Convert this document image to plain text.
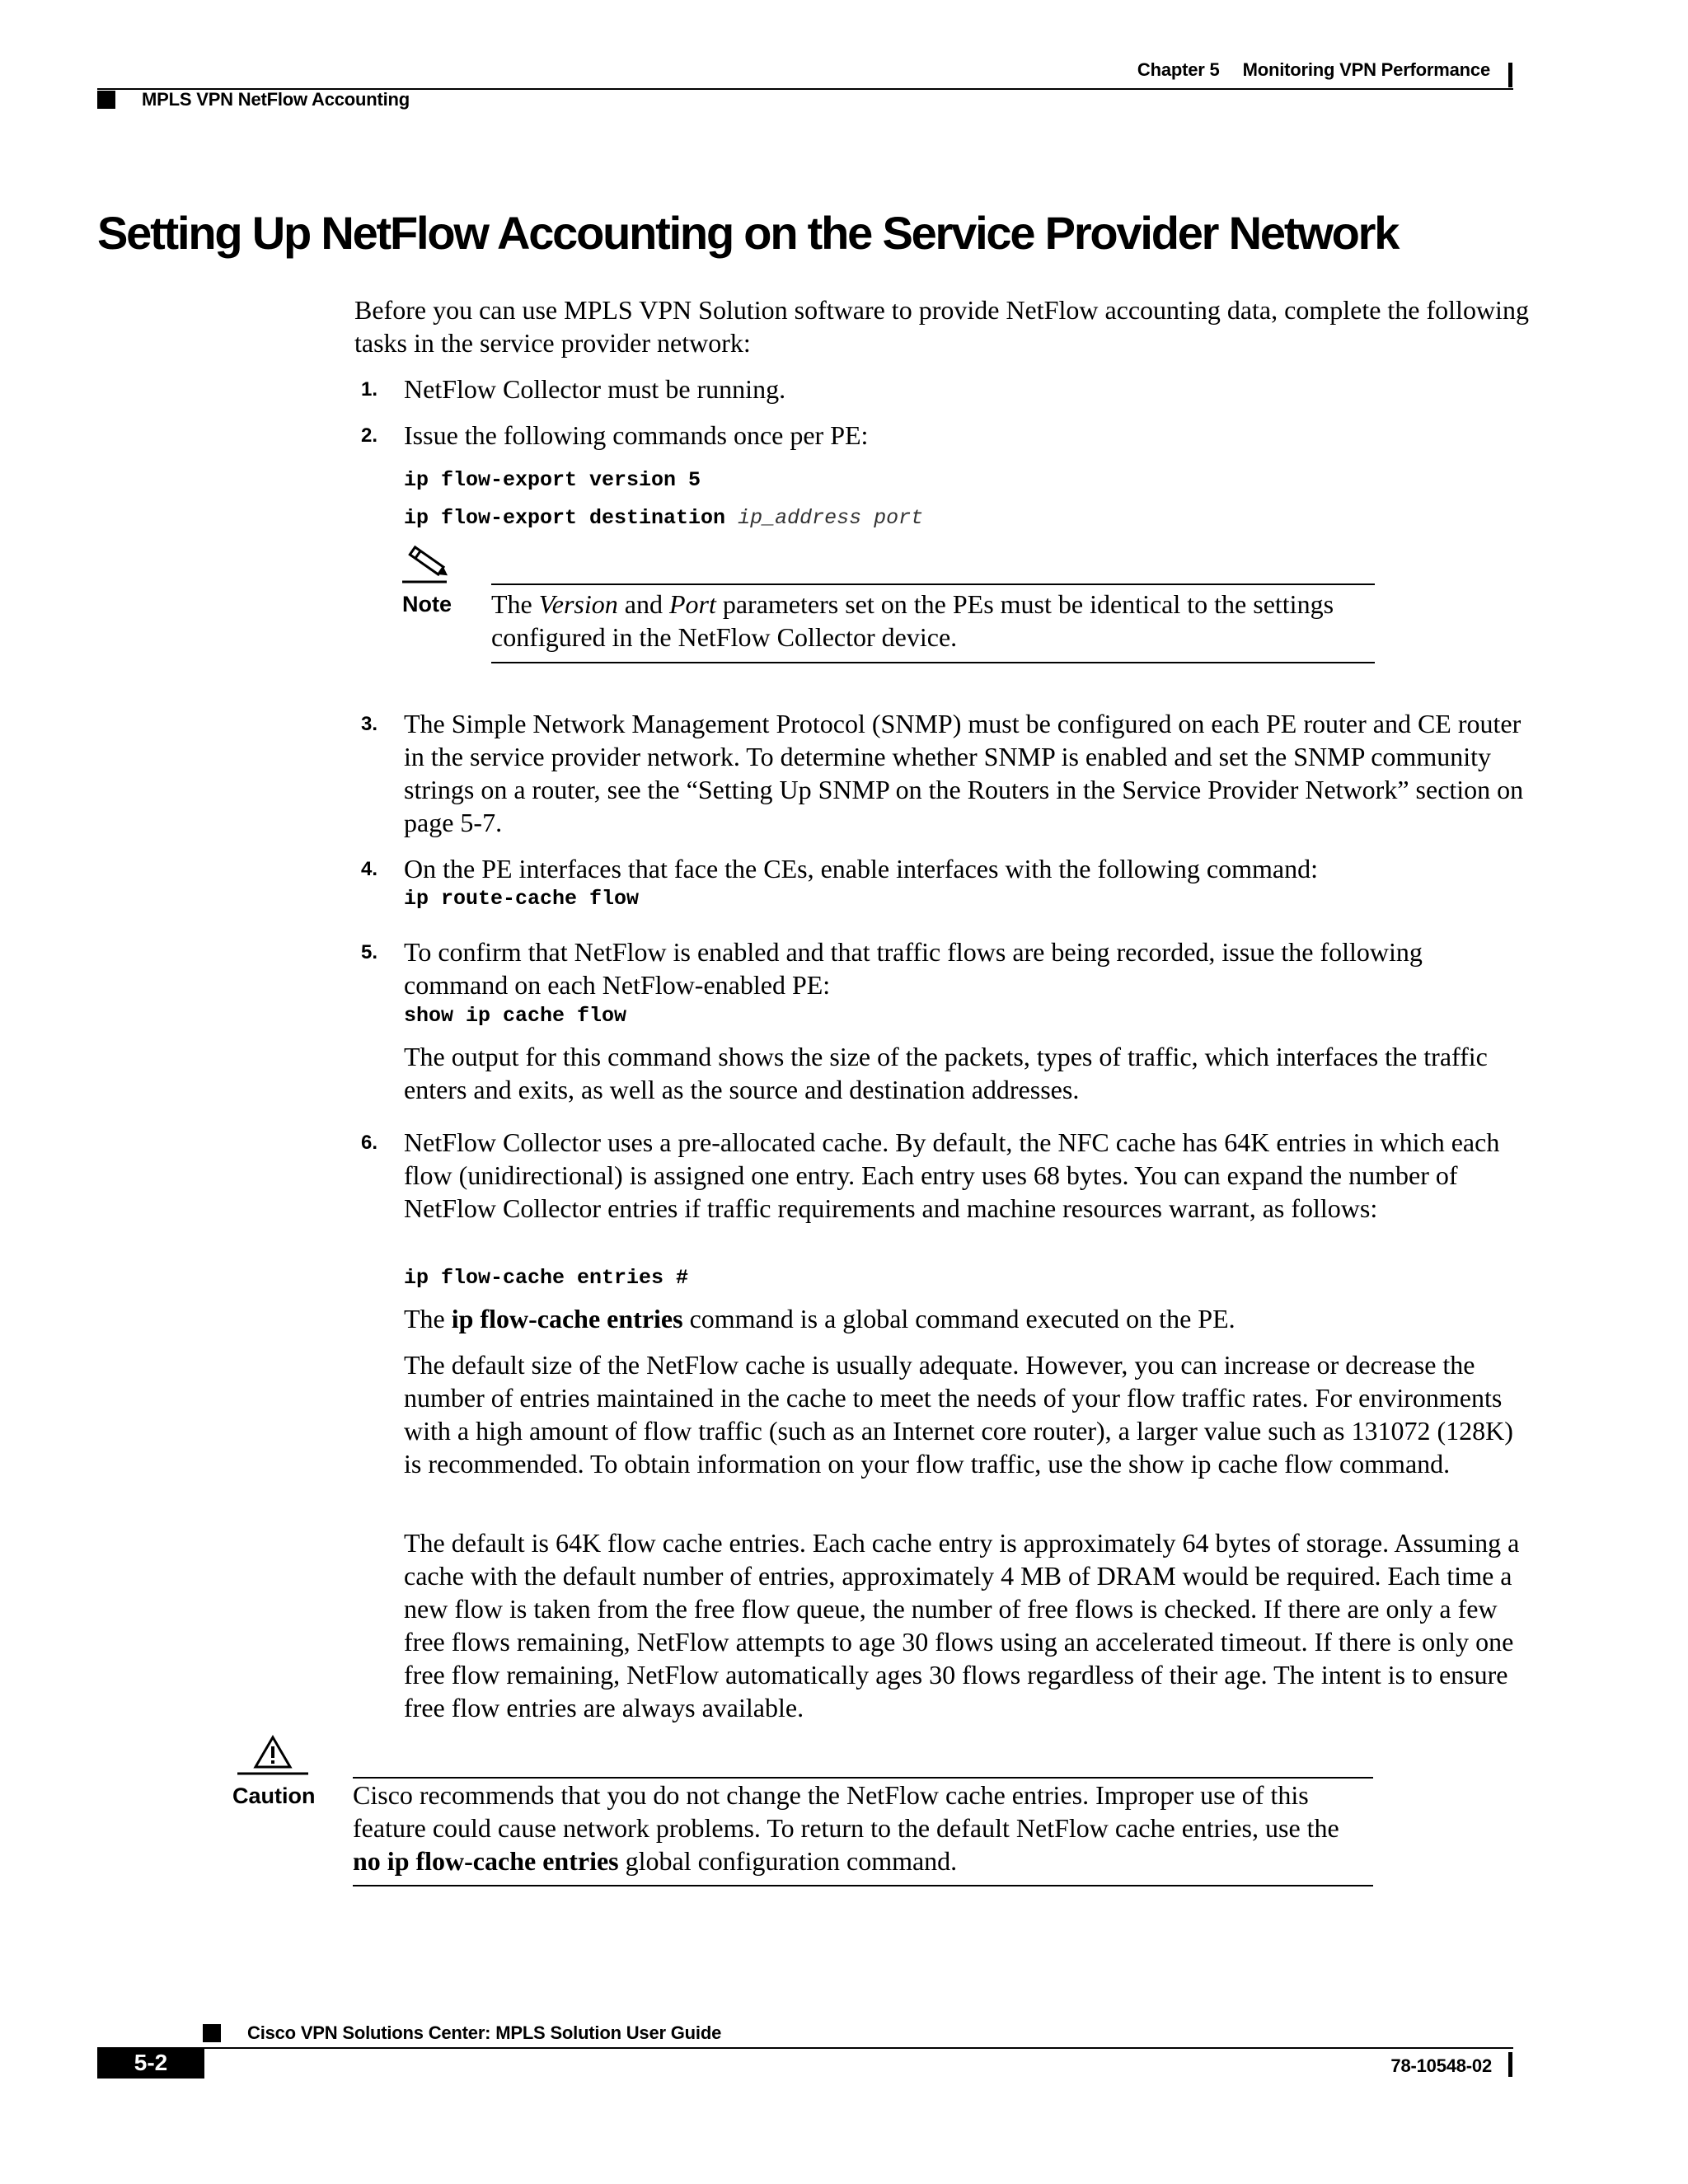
Chapter 5 Monitoring VPN Performance
MPLS VPN NetFlow Accounting
Setting Up NetFlow Accounting on the Service Provider Network

Before you can use MPLS VPN Solution software to provide NetFlow accounting data, complete the following tasks in the service provider network:

1. NetFlow Collector must be running.

2. Issue the following commands once per PE:

ip flow-export version 5
ip flow-export destination ip_address port
Note The Version and Port parameters set on the PEs must be identical to the settings configured in the NetFlow Collector device.

3. The Simple Network Management Protocol (SNMP) must be configured on each PE router and CE router in the service provider network. To determine whether SNMP is enabled and set the SNMP community strings on a router, see the “Setting Up SNMP on the Routers in the Service Provider Network” section on page 5-7.

4. On the PE interfaces that face the CEs, enable interfaces with the following command:

ip route-cache flow
5. To confirm that NetFlow is enabled and that traffic flows are being recorded, issue the following command on each NetFlow-enabled PE:

show ip cache flow

The output for this command shows the size of the packets, types of traffic, which interfaces the traffic enters and exits, as well as the source and destination addresses.

6. NetFlow Collector uses a pre-allocated cache. By default, the NFC cache has 64K entries in which each flow (unidirectional) is assigned one entry. Each entry uses 68 bytes. You can expand the number of NetFlow Collector entries if traffic requirements and machine resources warrant, as follows:

ip flow-cache entries #

The ip flow-cache entries command is a global command executed on the PE.

The default size of the NetFlow cache is usually adequate. However, you can increase or decrease the number of entries maintained in the cache to meet the needs of your flow traffic rates. For environments with a high amount of flow traffic (such as an Internet core router), a larger value such as 131072 (128K) is recommended. To obtain information on your flow traffic, use the show ip cache flow command.

The default is 64K flow cache entries. Each cache entry is approximately 64 bytes of storage. Assuming a cache with the default number of entries, approximately 4 MB of DRAM would be required. Each time a new flow is taken from the free flow queue, the number of free flows is checked. If there are only a few free flows remaining, NetFlow attempts to age 30 flows using an accelerated timeout. If there is only one free flow remaining, NetFlow automatically ages 30 flows regardless of their age. The intent is to ensure free flow entries are always available.

Caution Cisco recommends that you do not change the NetFlow cache entries. Improper use of this feature could cause network problems. To return to the default NetFlow cache entries, use the no ip flow-cache entries global configuration command.

Cisco VPN Solutions Center: MPLS Solution User Guide
5-2	78-10548-02
